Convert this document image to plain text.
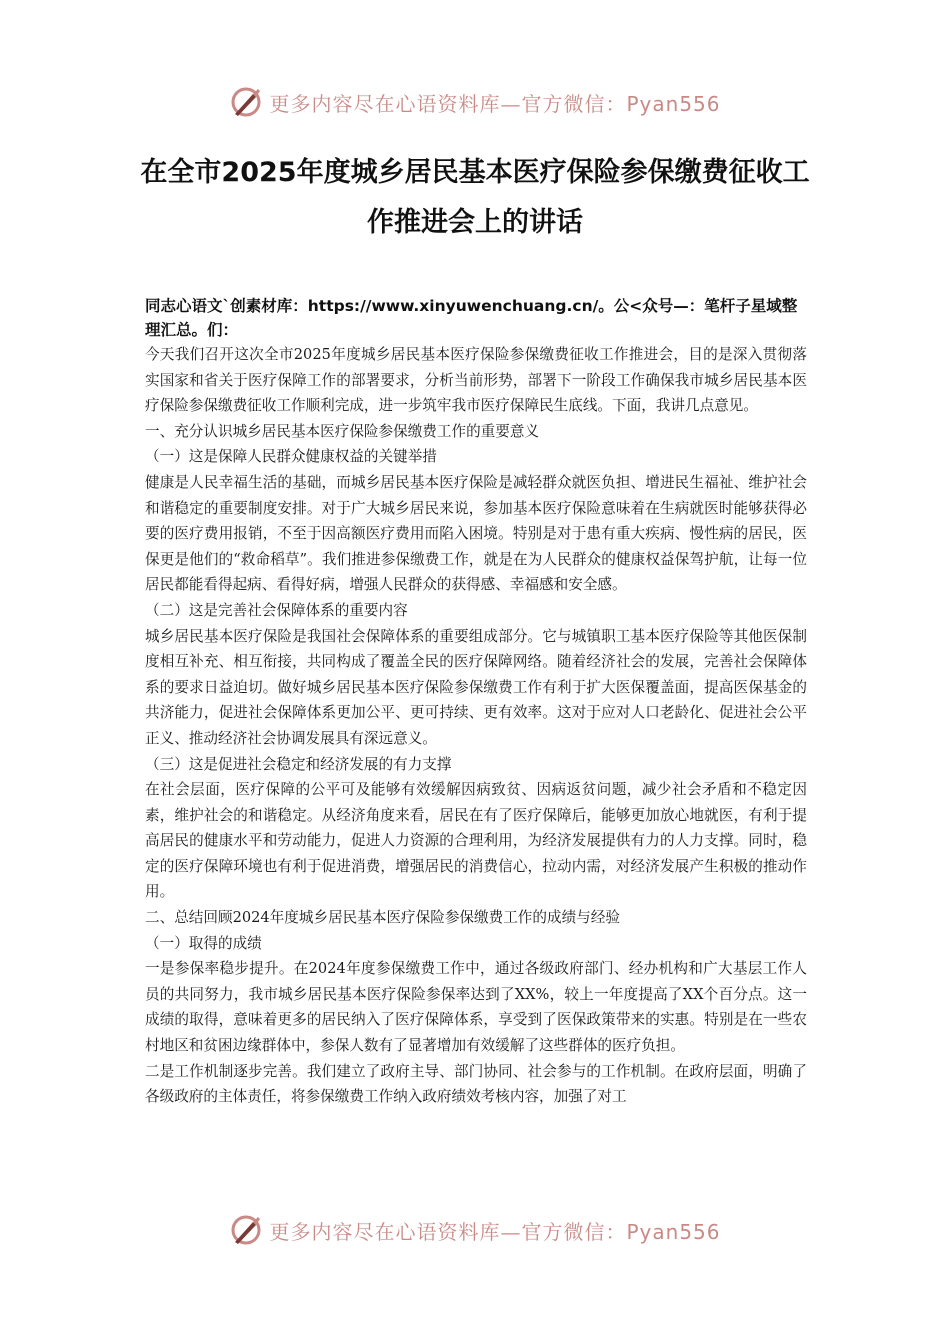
更多内容尽在心语资料库—官方微信：Pyan556
在全市2025年度城乡居民基本医疗保险参保缴费征收工作推进会上的讲话

同志心语文`创素材库：https://www.xinyuwenchuang.cn/。公<众号—：笔杆子星域整理汇总。们：

今天我们召开这次全市2025年度城乡居民基本医疗保险参保缴费征收工作推进会，目的是深入贯彻落实国家和省关于医疗保障工作的部署要求，分析当前形势，部署下一阶段工作确保我市城乡居民基本医疗保险参保缴费征收工作顺利完成，进一步筑牢我市医疗保障民生底线。下面，我讲几点意见。

一、充分认识城乡居民基本医疗保险参保缴费工作的重要意义

（一）这是保障人民群众健康权益的关键举措

健康是人民幸福生活的基础，而城乡居民基本医疗保险是减轻群众就医负担、增进民生福祉、维护社会和谐稳定的重要制度安排。对于广大城乡居民来说，参加基本医疗保险意味着在生病就医时能够获得必要的医疗费用报销，不至于因高额医疗费用而陷入困境。特别是对于患有重大疾病、慢性病的居民，医保更是他们的“救命稻草”。我们推进参保缴费工作，就是在为人民群众的健康权益保驾护航，让每一位居民都能看得起病、看得好病，增强人民群众的获得感、幸福感和安全感。

（二）这是完善社会保障体系的重要内容

城乡居民基本医疗保险是我国社会保障体系的重要组成部分。它与城镇职工基本医疗保险等其他医保制度相互补充、相互衔接，共同构成了覆盖全民的医疗保障网络。随着经济社会的发展，完善社会保障体系的要求日益迫切。做好城乡居民基本医疗保险参保缴费工作有利于扩大医保覆盖面，提高医保基金的共济能力，促进社会保障体系更加公平、更可持续、更有效率。这对于应对人口老龄化、促进社会公平正义、推动经济社会协调发展具有深远意义。

（三）这是促进社会稳定和经济发展的有力支撑

在社会层面，医疗保障的公平可及能够有效缓解因病致贫、因病返贫问题，减少社会矛盾和不稳定因素，维护社会的和谐稳定。从经济角度来看，居民在有了医疗保障后，能够更加放心地就医，有利于提高居民的健康水平和劳动能力，促进人力资源的合理利用，为经济发展提供有力的人力支撑。同时，稳定的医疗保障环境也有利于促进消费，增强居民的消费信心，拉动内需，对经济发展产生积极的推动作用。

二、总结回顾2024年度城乡居民基本医疗保险参保缴费工作的成绩与经验

（一）取得的成绩

一是参保率稳步提升。在2024年度参保缴费工作中，通过各级政府部门、经办机构和广大基层工作人员的共同努力，我市城乡居民基本医疗保险参保率达到了XX%，较上一年度提高了XX个百分点。这一成绩的取得，意味着更多的居民纳入了医疗保障体系，享受到了医保政策带来的实惠。特别是在一些农村地区和贫困边缘群体中，参保人数有了显著增加有效缓解了这些群体的医疗负担。

二是工作机制逐步完善。我们建立了政府主导、部门协同、社会参与的工作机制。在政府层面，明确了各级政府的主体责任，将参保缴费工作纳入政府绩效考核内容，加强了对工

更多内容尽在心语资料库—官方微信：Pyan556
